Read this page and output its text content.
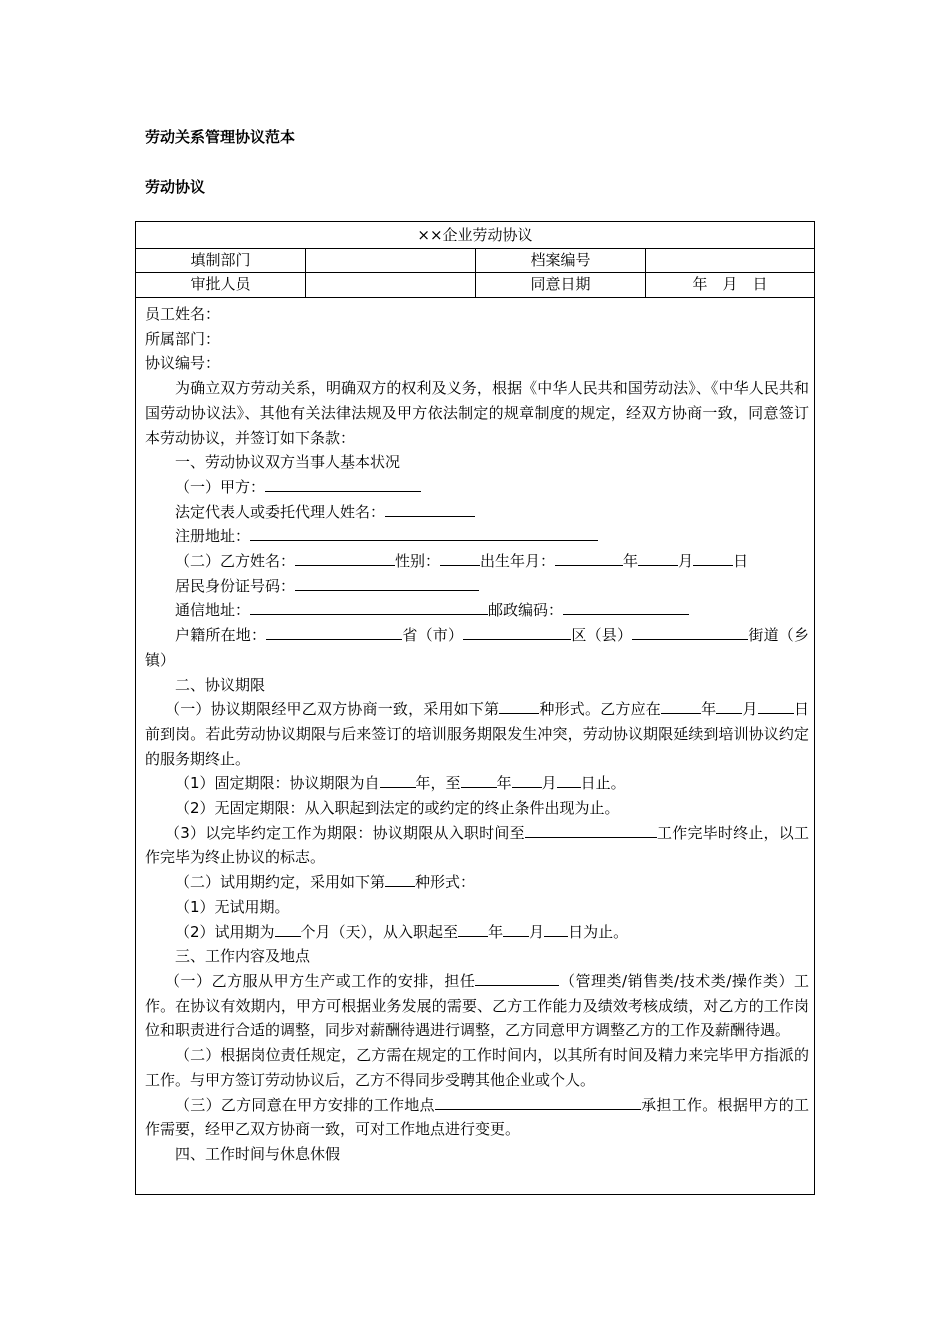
劳动关系管理协议范本
劳动协议
××企业劳动协议
填制部门	档案编号
审批人员	同意日期	年　月　日

员工姓名：

所属部门：

协议编号：

为确立双方劳动关系，明确双方的权利及义务，根据《中华人民共和国劳动法》、《中华人民共和国劳动协议法》、其他有关法律法规及甲方依法制定的规章制度的规定，经双方协商一致，同意签订本劳动协议，并签订如下条款：

一、劳动协议双方当事人基本状况

（一）甲方：

法定代表人或委托代理人姓名：

注册地址：

（二）乙方姓名：	性别：	出生年月：	年	月	日

居民身份证号码：

通信地址：	邮政编码：

户籍所在地：	省（市）	区（县）	街道（乡镇）

二、协议期限

（一）协议期限经甲乙双方协商一致，采用如下第	种形式。乙方应在	年 月 日前到岗。若此劳动协议期限与后来签订的培训服务期限发生冲突，劳动协议期限延续到培训协议约定的服务期终止。

（1）固定期限：协议期限为自 年，至 年 月 日止。

（2）无固定期限：从入职起到法定的或约定的终止条件出现为止。

（3）以完毕约定工作为期限：协议期限从入职时间至	工作完毕时终止，以工作完毕为终止协议的标志。

（二）试用期约定，采用如下第 种形式：

（1）无试用期。

（2）试用期为 个月（天），从入职起至 年 月 日为止。

三、工作内容及地点

（一）乙方服从甲方生产或工作的安排，担任	（管理类/销售类/技术类/操作类）工作。在协议有效期内，甲方可根据业务发展的需要、乙方工作能力及绩效考核成绩，对乙方的工作岗位和职责进行合适的调整，同步对薪酬待遇进行调整，乙方同意甲方调整乙方的工作及薪酬待遇。

（二）根据岗位责任规定，乙方需在规定的工作时间内，以其所有时间及精力来完毕甲方指派的工作。与甲方签订劳动协议后，乙方不得同步受聘其他企业或个人。

（三）乙方同意在甲方安排的工作地点	承担工作。根据甲方的工作需要，经甲乙双方协商一致，可对工作地点进行变更。

四、工作时间与休息休假
